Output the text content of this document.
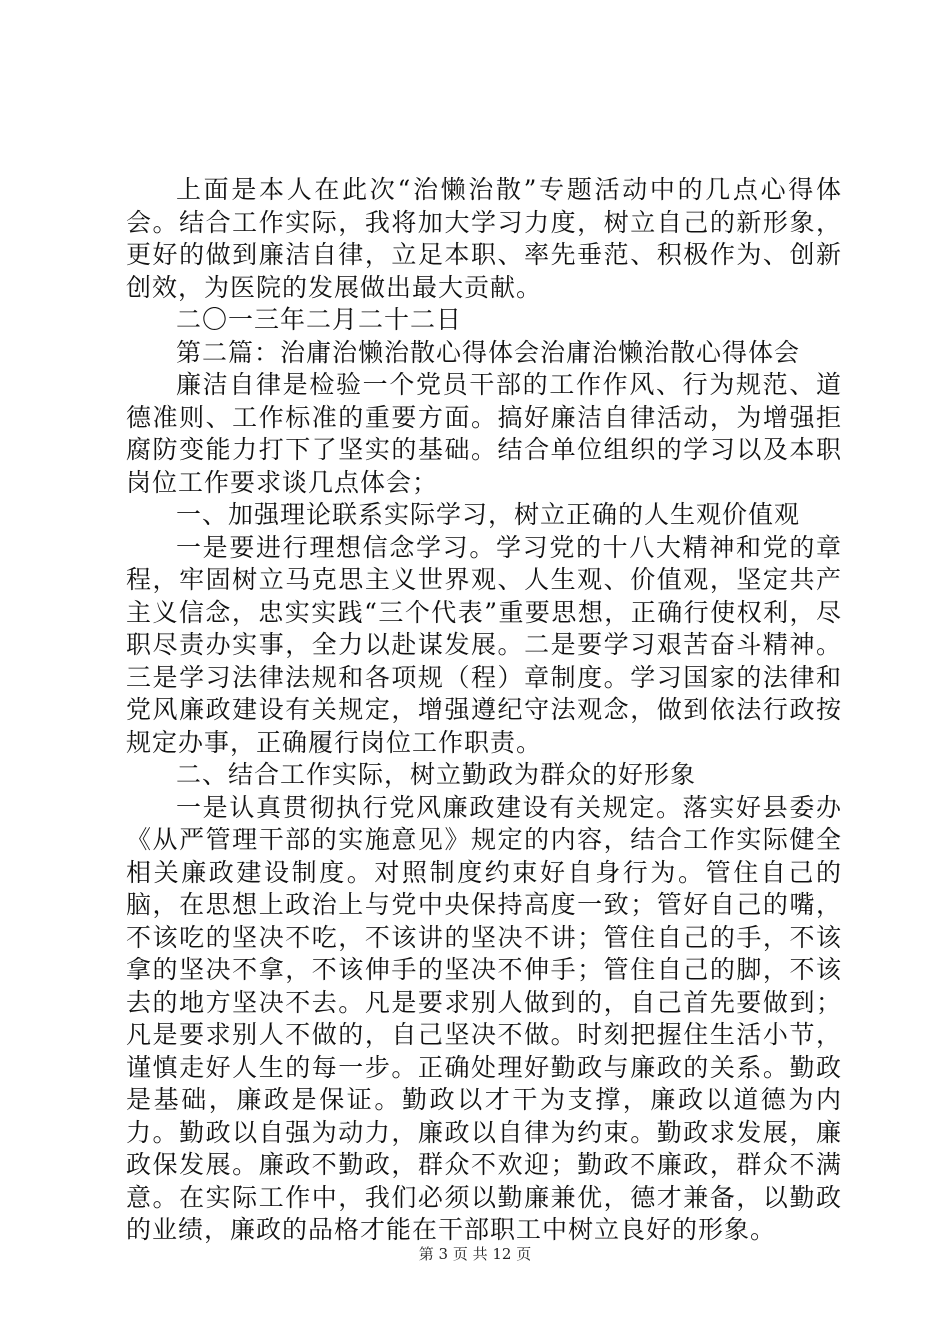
上面是本人在此次“治懒治散”专题活动中的几点心得体会。结合工作实际，我将加大学习力度，树立自己的新形象，更好的做到廉洁自律，立足本职、率先垂范、积极作为、创新创效，为医院的发展做出最大贡献。

二〇一三年二月二十二日

第二篇：治庸治懒治散心得体会治庸治懒治散心得体会

廉洁自律是检验一个党员干部的工作作风、行为规范、道德准则、工作标准的重要方面。搞好廉洁自律活动，为增强拒腐防变能力打下了坚实的基础。结合单位组织的学习以及本职岗位工作要求谈几点体会；

一、加强理论联系实际学习，树立正确的人生观价值观

一是要进行理想信念学习。学习党的十八大精神和党的章程，牢固树立马克思主义世界观、人生观、价值观，坚定共产主义信念，忠实实践“三个代表”重要思想，正确行使权利，尽职尽责办实事，全力以赴谋发展。二是要学习艰苦奋斗精神。三是学习法律法规和各项规（程）章制度。学习国家的法律和党风廉政建设有关规定，增强遵纪守法观念，做到依法行政按规定办事，正确履行岗位工作职责。

二、结合工作实际，树立勤政为群众的好形象

一是认真贯彻执行党风廉政建设有关规定。落实好县委办《从严管理干部的实施意见》规定的内容，结合工作实际健全相关廉政建设制度。对照制度约束好自身行为。管住自己的脑，在思想上政治上与党中央保持高度一致；管好自己的嘴，不该吃的坚决不吃，不该讲的坚决不讲；管住自己的手，不该拿的坚决不拿，不该伸手的坚决不伸手；管住自己的脚，不该去的地方坚决不去。凡是要求别人做到的，自己首先要做到；凡是要求别人不做的，自己坚决不做。时刻把握住生活小节，谨慎走好人生的每一步。正确处理好勤政与廉政的关系。勤政是基础，廉政是保证。勤政以才干为支撑，廉政以道德为内力。勤政以自强为动力，廉政以自律为约束。勤政求发展，廉政保发展。廉政不勤政，群众不欢迎；勤政不廉政，群众不满意。在实际工作中，我们必须以勤廉兼优，德才兼备，以勤政的业绩，廉政的品格才能在干部职工中树立良好的形象。

第 3 页 共 12 页
